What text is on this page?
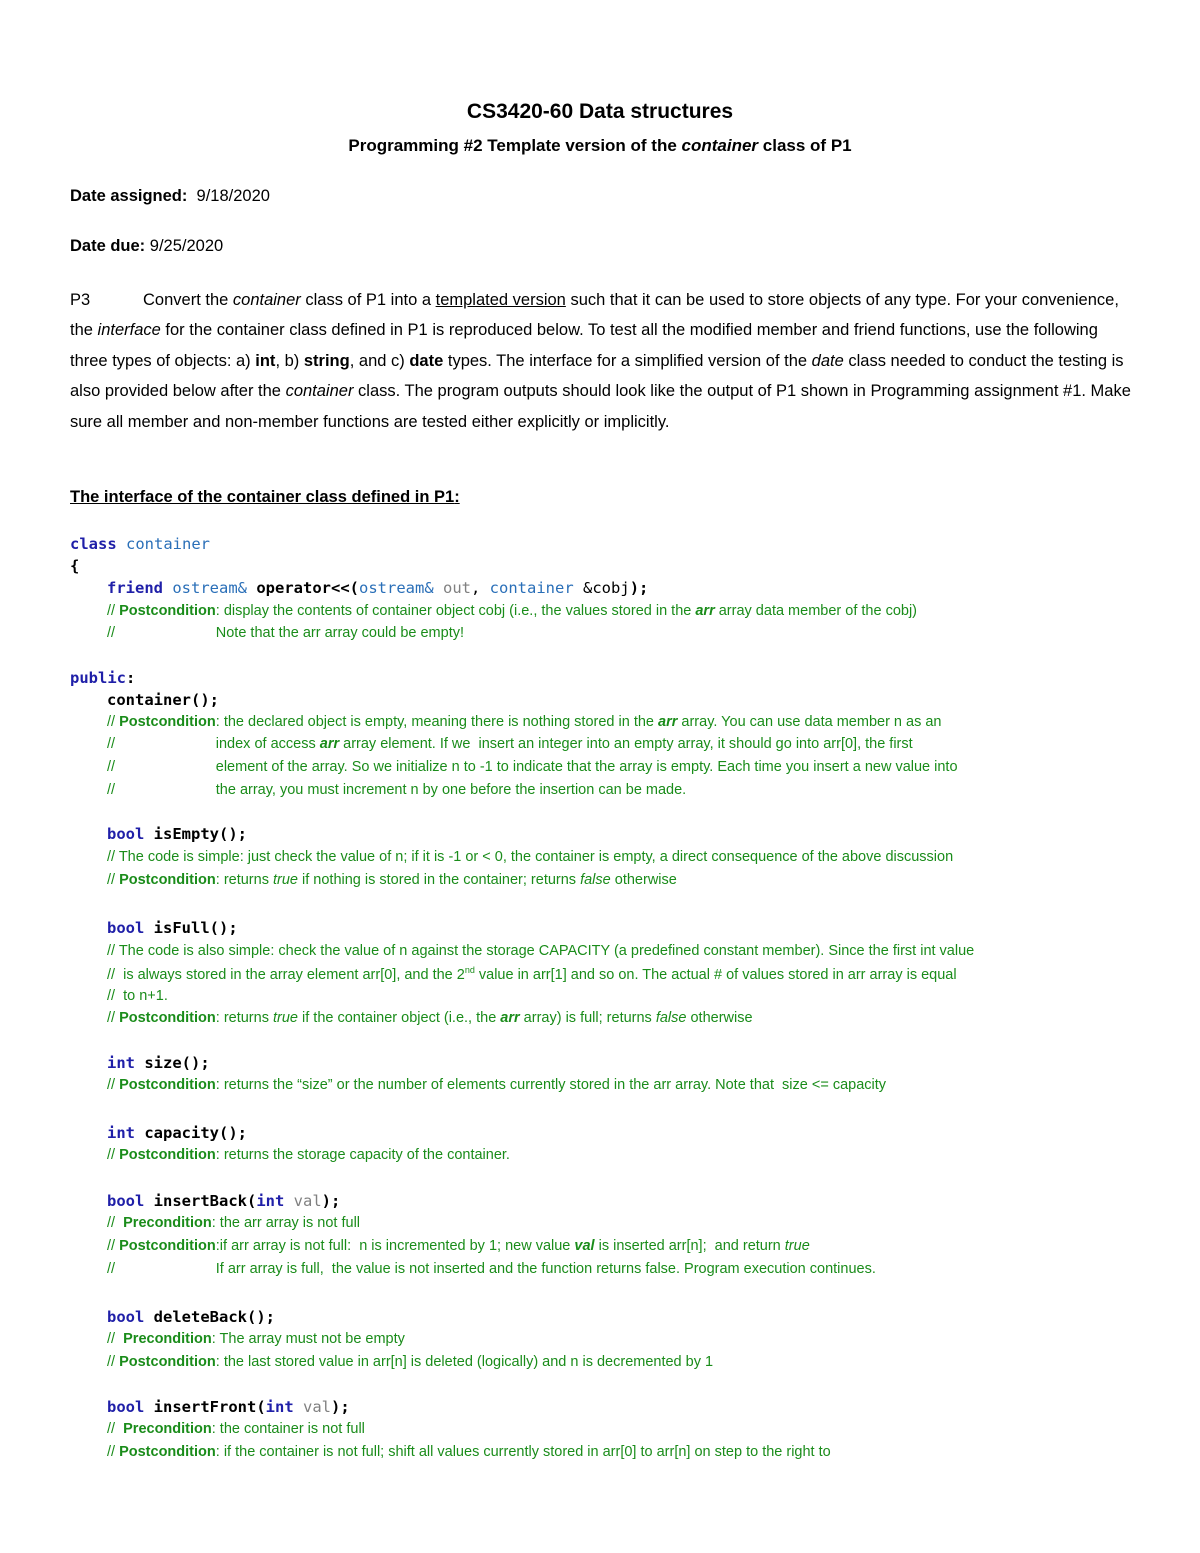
CS3420-60 Data structures
Programming #2 Template version of the container class of P1
Date assigned: 9/18/2020
Date due: 9/25/2020
P3	Convert the container class of P1 into a templated version such that it can be used to store objects of any type. For your convenience, the interface for the container class defined in P1 is reproduced below. To test all the modified member and friend functions, use the following three types of objects: a) int, b) string, and c) date types. The interface for a simplified version of the date class needed to conduct the testing is also provided below after the container class. The program outputs should look like the output of P1 shown in Programming assignment #1. Make sure all member and non-member functions are tested either explicitly or implicitly.
The interface of the container class defined in P1:
class container
{
friend ostream& operator<<(ostream& out, container &cobj);
// Postcondition: display the contents of container object cobj (i.e., the values stored in the arr array data member of the cobj)
//                         Note that the arr array could be empty!
public:
container();
// Postcondition: the declared object is empty, meaning there is nothing stored in the arr array. You can use data member n as an
//                         index of access arr array element. If we  insert an integer into an empty array, it should go into arr[0], the first
//                         element of the array. So we initialize n to -1 to indicate that the array is empty. Each time you insert a new value into
//                         the array, you must increment n by one before the insertion can be made.
bool isEmpty();
// The code is simple: just check the value of n; if it is -1 or < 0, the container is empty, a direct consequence of the above discussion
// Postcondition: returns true if nothing is stored in the container; returns false otherwise
bool isFull();
// The code is also simple: check the value of n against the storage CAPACITY (a predefined constant member). Since the first int value
//  is always stored in the array element arr[0], and the 2nd value in arr[1] and so on. The actual # of values stored in arr array is equal
//  to n+1.
// Postcondition: returns true if the container object (i.e., the arr array) is full; returns false otherwise
int size();
// Postcondition: returns the “size” or the number of elements currently stored in the arr array. Note that  size <= capacity
int capacity();
// Postcondition: returns the storage capacity of the container.
bool insertBack(int val);
//  Precondition: the arr array is not full
// Postcondition:if arr array is not full:  n is incremented by 1; new value val is inserted arr[n];  and return true
//                         If arr array is full,  the value is not inserted and the function returns false. Program execution continues.
bool deleteBack();
//  Precondition: The array must not be empty
// Postcondition: the last stored value in arr[n] is deleted (logically) and n is decremented by 1
bool insertFront(int val);
//  Precondition: the container is not full
// Postcondition: if the container is not full; shift all values currently stored in arr[0] to arr[n] on step to the right to
